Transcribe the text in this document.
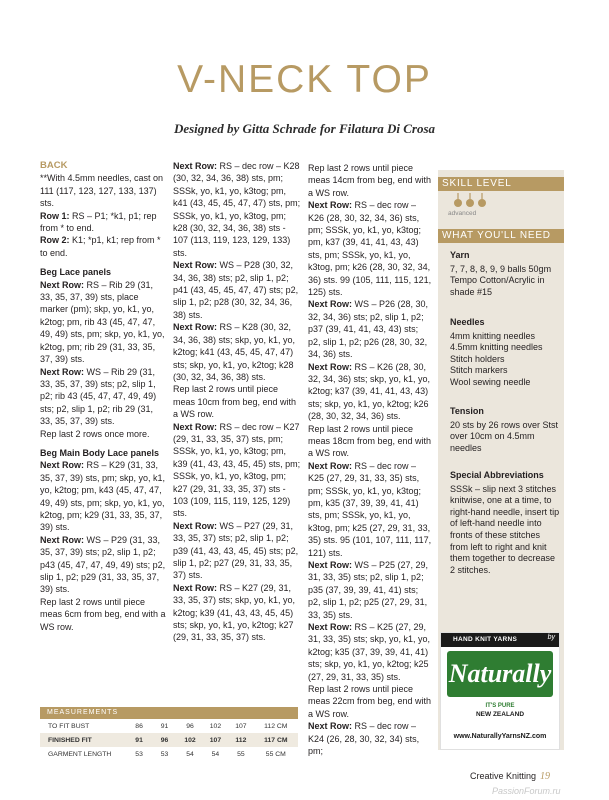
V-NECK TOP
Designed by Gitta Schrade for Filatura Di Crosa

BACK

**With 4.5mm needles, cast on 111 (117, 123, 127, 133, 137) sts.

Row 1: RS – P1; *k1, p1; rep from * to end.

Row 2: K1; *p1, k1; rep from * to end.

Beg Lace panels

Next Row: RS – Rib 29 (31, 33, 35, 37, 39) sts, place marker (pm); skp, yo, k1, yo, k2tog; pm, rib 43 (45, 47, 47, 49, 49) sts, pm; skp, yo, k1, yo, k2tog, pm; rib 29 (31, 33, 35, 37, 39) sts.

Next Row: WS – Rib 29 (31, 33, 35, 37, 39) sts; p2, slip 1, p2; rib 43 (45, 47, 47, 49, 49) sts; p2, slip 1, p2; rib 29 (31, 33, 35, 37, 39) sts.

Rep last 2 rows once more.

Beg Main Body Lace panels

Next Row: RS – K29 (31, 33, 35, 37, 39) sts, pm; skp, yo, k1, yo, k2tog; pm, k43 (45, 47, 47, 49, 49) sts, pm; skp, yo, k1, yo, k2tog, pm; k29 (31, 33, 35, 37, 39) sts.

Next Row: WS – P29 (31, 33, 35, 37, 39) sts; p2, slip 1, p2; p43 (45, 47, 47, 49, 49) sts; p2, slip 1, p2; p29 (31, 33, 35, 37, 39) sts.

Rep last 2 rows until piece meas 6cm from beg, end with a WS row.

Next Row: RS – dec row – K28 (30, 32, 34, 36, 38) sts, pm; SSSk, yo, k1, yo, k3tog; pm, k41 (43, 45, 45, 47, 47) sts, pm; SSSk, yo, k1, yo, k3tog, pm; k28 (30, 32, 34, 36, 38) sts - 107 (113, 119, 123, 129, 133) sts.

Next Row: WS – P28 (30, 32, 34, 36, 38) sts; p2, slip 1, p2; p41 (43, 45, 45, 47, 47) sts; p2, slip 1, p2; p28 (30, 32, 34, 36, 38) sts.

Next Row: RS – K28 (30, 32, 34, 36, 38) sts; skp, yo, k1, yo, k2tog; k41 (43, 45, 45, 47, 47) sts; skp, yo, k1, yo, k2tog; k28 (30, 32, 34, 36, 38) sts.

Rep last 2 rows until piece meas 10cm from beg, end with a WS row.

Next Row: RS – dec row – K27 (29, 31, 33, 35, 37) sts, pm; SSSk, yo, k1, yo, k3tog; pm, k39 (41, 43, 43, 45, 45) sts, pm; SSSk, yo, k1, yo, k3tog, pm; k27 (29, 31, 33, 35, 37) sts - 103 (109, 115, 119, 125, 129) sts.

Next Row: WS – P27 (29, 31, 33, 35, 37) sts; p2, slip 1, p2; p39 (41, 43, 43, 45, 45) sts; p2, slip 1, p2; p27 (29, 31, 33, 35, 37) sts.

Next Row: RS – K27 (29, 31, 33, 35, 37) sts; skp, yo, k1, yo, k2tog; k39 (41, 43, 43, 45, 45) sts; skp, yo, k1, yo, k2tog; k27 (29, 31, 33, 35, 37) sts.

Rep last 2 rows until piece meas 14cm from beg, end with a WS row.

Next Row: RS – dec row – K26 (28, 30, 32, 34, 36) sts, pm; SSSk, yo, k1, yo, k3tog; pm, k37 (39, 41, 41, 43, 43) sts, pm; SSSk, yo, k1, yo, k3tog, pm; k26 (28, 30, 32, 34, 36) sts. 99 (105, 111, 115, 121, 125) sts.

Next Row: WS – P26 (28, 30, 32, 34, 36) sts; p2, slip 1, p2; p37 (39, 41, 41, 43, 43) sts; p2, slip 1, p2; p26 (28, 30, 32, 34, 36) sts.

Next Row: RS – K26 (28, 30, 32, 34, 36) sts; skp, yo, k1, yo, k2tog; k37 (39, 41, 41, 43, 43) sts; skp, yo, k1, yo, k2tog; k26 (28, 30, 32, 34, 36) sts.

Rep last 2 rows until piece meas 18cm from beg, end with a WS row.

Next Row: RS – dec row – K25 (27, 29, 31, 33, 35) sts, pm; SSSk, yo, k1, yo, k3tog; pm, k35 (37, 39, 39, 41, 41) sts, pm; SSSk, yo, k1, yo, k3tog, pm; k25 (27, 29, 31, 33, 35) sts. 95 (101, 107, 111, 117, 121) sts.

Next Row: WS – P25 (27, 29, 31, 33, 35) sts; p2, slip 1, p2; p35 (37, 39, 39, 41, 41) sts; p2, slip 1, p2; p25 (27, 29, 31, 33, 35) sts.

Next Row: RS – K25 (27, 29, 31, 33, 35) sts; skp, yo, k1, yo, k2tog; k35 (37, 39, 39, 41, 41) sts; skp, yo, k1, yo, k2tog; k25 (27, 29, 31, 33, 35) sts.

Rep last 2 rows until piece meas 22cm from beg, end with a WS row.

Next Row: RS – dec row – K24 (26, 28, 30, 32, 34) sts, pm;

SKILL LEVEL
advanced
WHAT YOU'LL NEED
Yarn
7, 7, 8, 8, 9, 9 balls 50gm Tempo Cotton/Acrylic in shade #15
Needles
4mm knitting needles
4.5mm knitting needles
Stitch holders
Stitch markers
Wool sewing needle
Tension
20 sts by 26 rows over Stst over 10cm on 4.5mm needles
Special Abbreviations
SSSk – slip next 3 stitches knitwise, one at a time, to right-hand needle, insert tip of left-hand needle into fronts of these stitches from left to right and knit them together to decrease 2 stitches.
HAND KNIT YARNS	by
Naturally
IT'S PURE
NEW ZEALAND
www.NaturallyYarnsNZ.com
MEASUREMENTS
TO FIT BUST	86	91	96	102	107	112 CM
FINISHED FIT	91	96	102	107	112	117 CM
GARMENT LENGTH	53	53	54	54	55	55 CM
Creative Knitting 19
PassionForum.ru
